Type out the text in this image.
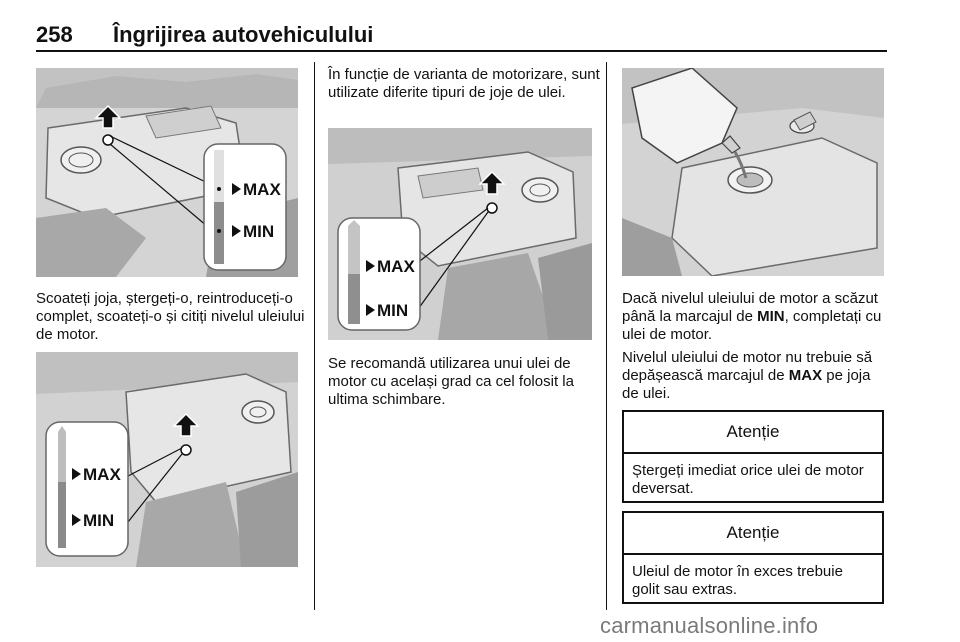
258 Îngrijirea autovehiculului
MAX
MIN

Scoateți joja, ștergeți-o, reintroduceți-o complet, scoateți-o și citiți nivelul uleiului de motor.

MAX
MIN

În funcție de varianta de motorizare, sunt utilizate diferite tipuri de joje de ulei.

MAX
MIN

Se recomandă utilizarea unui ulei de motor cu același grad ca cel folosit la ultima schimbare.

Dacă nivelul uleiului de motor a scăzut până la marcajul de MIN, completați cu ulei de motor.

Nivelul uleiului de motor nu trebuie să depășească marcajul de MAX pe joja de ulei.

Atenție
Ștergeți imediat orice ulei de motor deversat.
Atenție
Uleiul de motor în exces trebuie golit sau extras.
carmanualsonline.info
